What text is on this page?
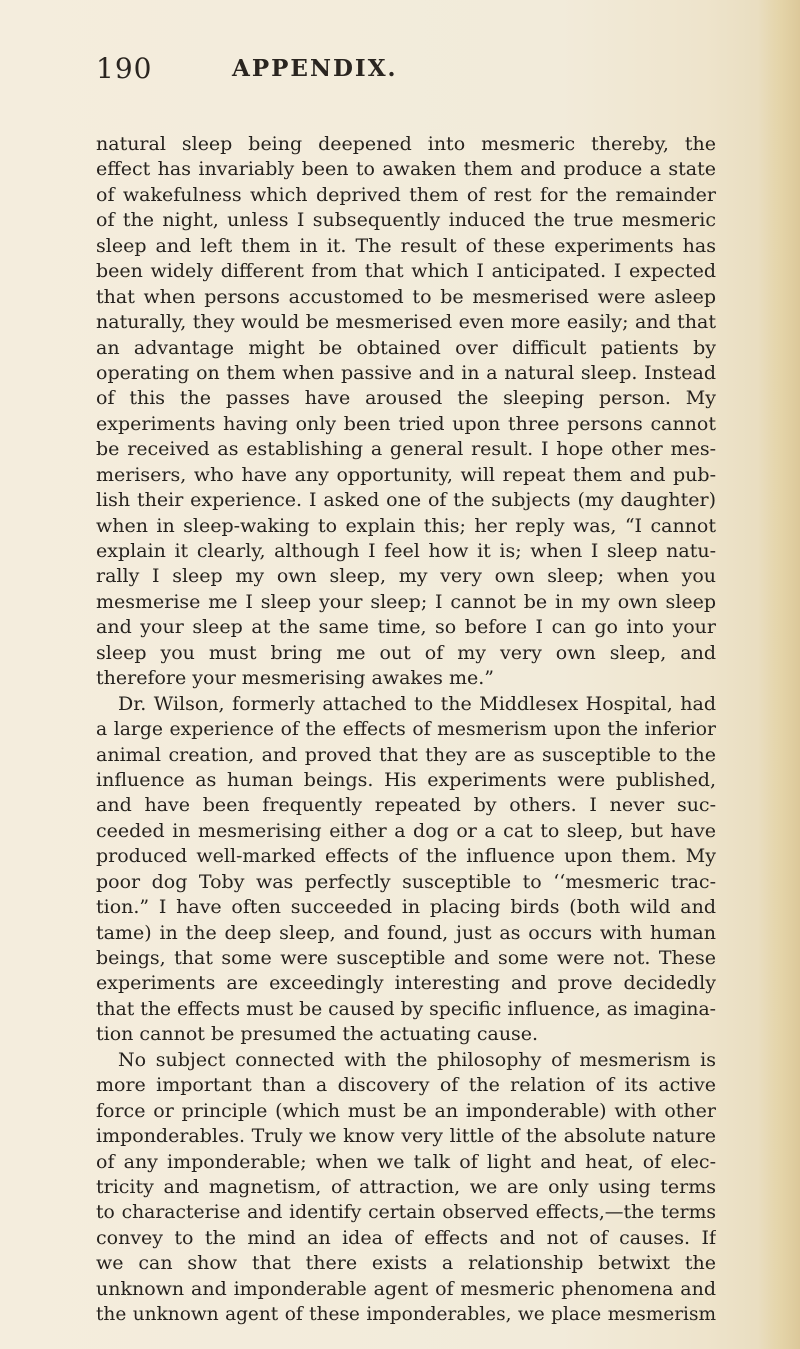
190	APPENDIX.
natural sleep being deepened into mesmeric thereby, the
effect has invariably been to awaken them and produce a state
of wakefulness which deprived them of rest for the remainder
of the night, unless I subsequently induced the true mesmeric
sleep and left them in it. The result of these experiments has
been widely different from that which I anticipated. I expected
that when persons accustomed to be mesmerised were asleep
naturally, they would be mesmerised even more easily; and that
an advantage might be obtained over difficult patients by
operating on them when passive and in a natural sleep. Instead
of this the passes have aroused the sleeping person. My
experiments having only been tried upon three persons cannot
be received as establishing a general result. I hope other mes-
merisers, who have any opportunity, will repeat them and pub-
lish their experience. I asked one of the subjects (my daughter)
when in sleep-waking to explain this; her reply was, “I cannot
explain it clearly, although I feel how it is; when I sleep natu-
rally I sleep my own sleep, my very own sleep; when you
mesmerise me I sleep your sleep; I cannot be in my own sleep
and your sleep at the same time, so before I can go into your
sleep you must bring me out of my very own sleep, and
therefore your mesmerising awakes me.”
Dr. Wilson, formerly attached to the Middlesex Hospital, had
a large experience of the effects of mesmerism upon the inferior
animal creation, and proved that they are as susceptible to the
influence as human beings. His experiments were published,
and have been frequently repeated by others. I never suc-
ceeded in mesmerising either a dog or a cat to sleep, but have
produced well-marked effects of the influence upon them. My
poor dog Toby was perfectly susceptible to ‘‘mesmeric trac-
tion.” I have often succeeded in placing birds (both wild and
tame) in the deep sleep, and found, just as occurs with human
beings, that some were susceptible and some were not. These
experiments are exceedingly interesting and prove decidedly
that the effects must be caused by specific influence, as imagina-
tion cannot be presumed the actuating cause.
No subject connected with the philosophy of mesmerism is
more important than a discovery of the relation of its active
force or principle (which must be an imponderable) with other
imponderables. Truly we know very little of the absolute nature
of any imponderable; when we talk of light and heat, of elec-
tricity and magnetism, of attraction, we are only using terms
to characterise and identify certain observed effects,—the terms
convey to the mind an idea of effects and not of causes. If
we can show that there exists a relationship betwixt the
unknown and imponderable agent of mesmeric phenomena and
the unknown agent of these imponderables, we place mesmerism
